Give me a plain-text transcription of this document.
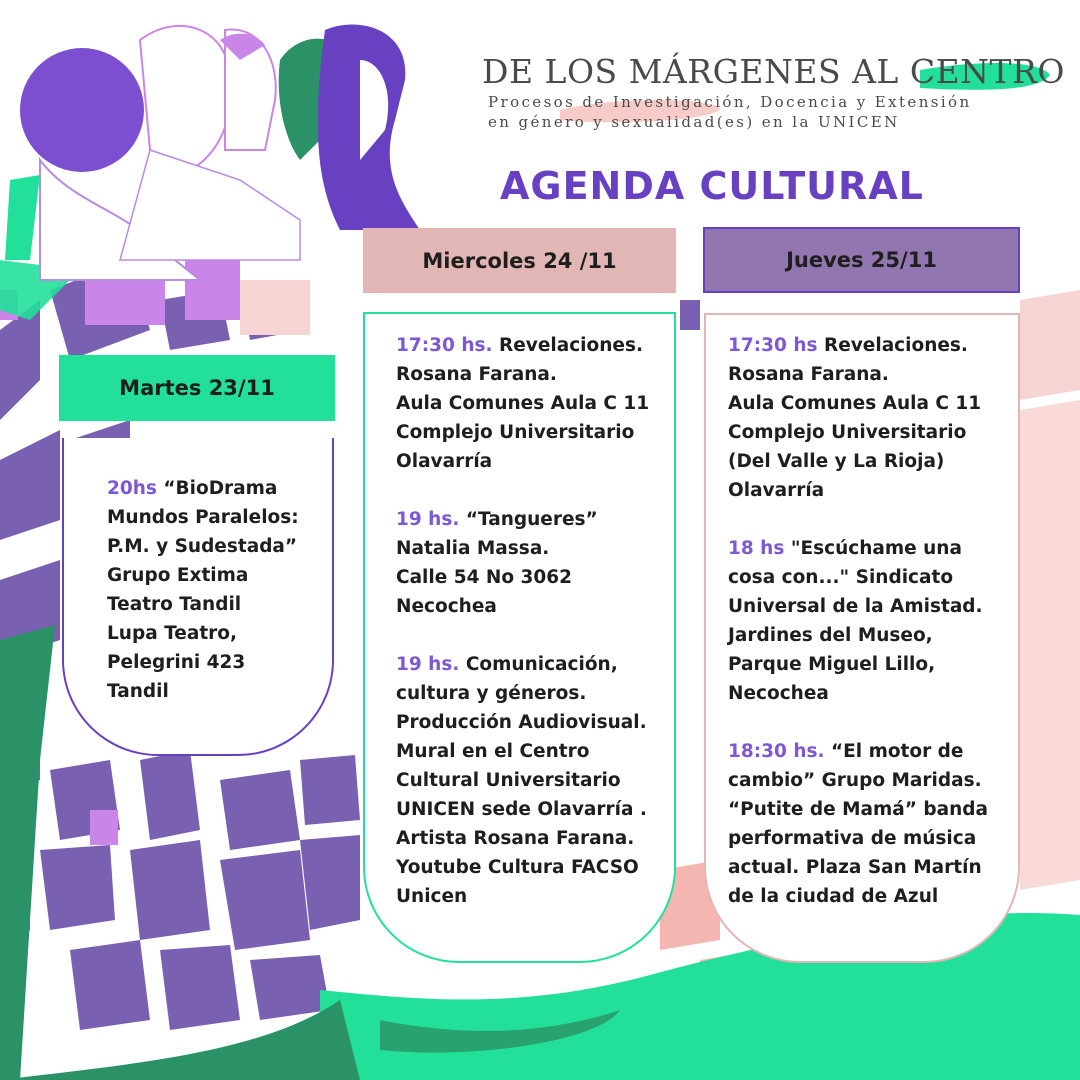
DE LOS MÁRGENES AL CENTRO
Procesos de Investigación, Docencia y Extensión
en género y sexualidad(es) en la UNICEN
AGENDA CULTURAL
Martes 23/11
20hs “BioDrama Mundos Paralelos: P.M. y Sudestada”
Grupo Extima
Teatro Tandil
Lupa Teatro,
Pelegrini 423
Tandil
Miercoles 24 /11
17:30 hs. Revelaciones.
Rosana Farana.
Aula Comunes Aula C 11
Complejo Universitario
Olavarría
19 hs. “Tangueres”
Natalia Massa.
Calle 54 No 3062
Necochea
19 hs. Comunicación, cultura y géneros. Producción Audiovisual. Mural en el Centro Cultural Universitario UNICEN sede Olavarría . Artista Rosana Farana. Youtube Cultura FACSO Unicen
Jueves 25/11
17:30 hs Revelaciones.
Rosana Farana.
Aula Comunes Aula C 11
Complejo Universitario
(Del Valle y La Rioja)
Olavarría
18 hs "Escúchame una cosa con..." Sindicato Universal de la Amistad. Jardines del Museo, Parque Miguel Lillo, Necochea
18:30 hs. “El motor de cambio” Grupo Maridas. “Putite de Mamá” banda performativa de música actual. Plaza San Martín de la ciudad de Azul
